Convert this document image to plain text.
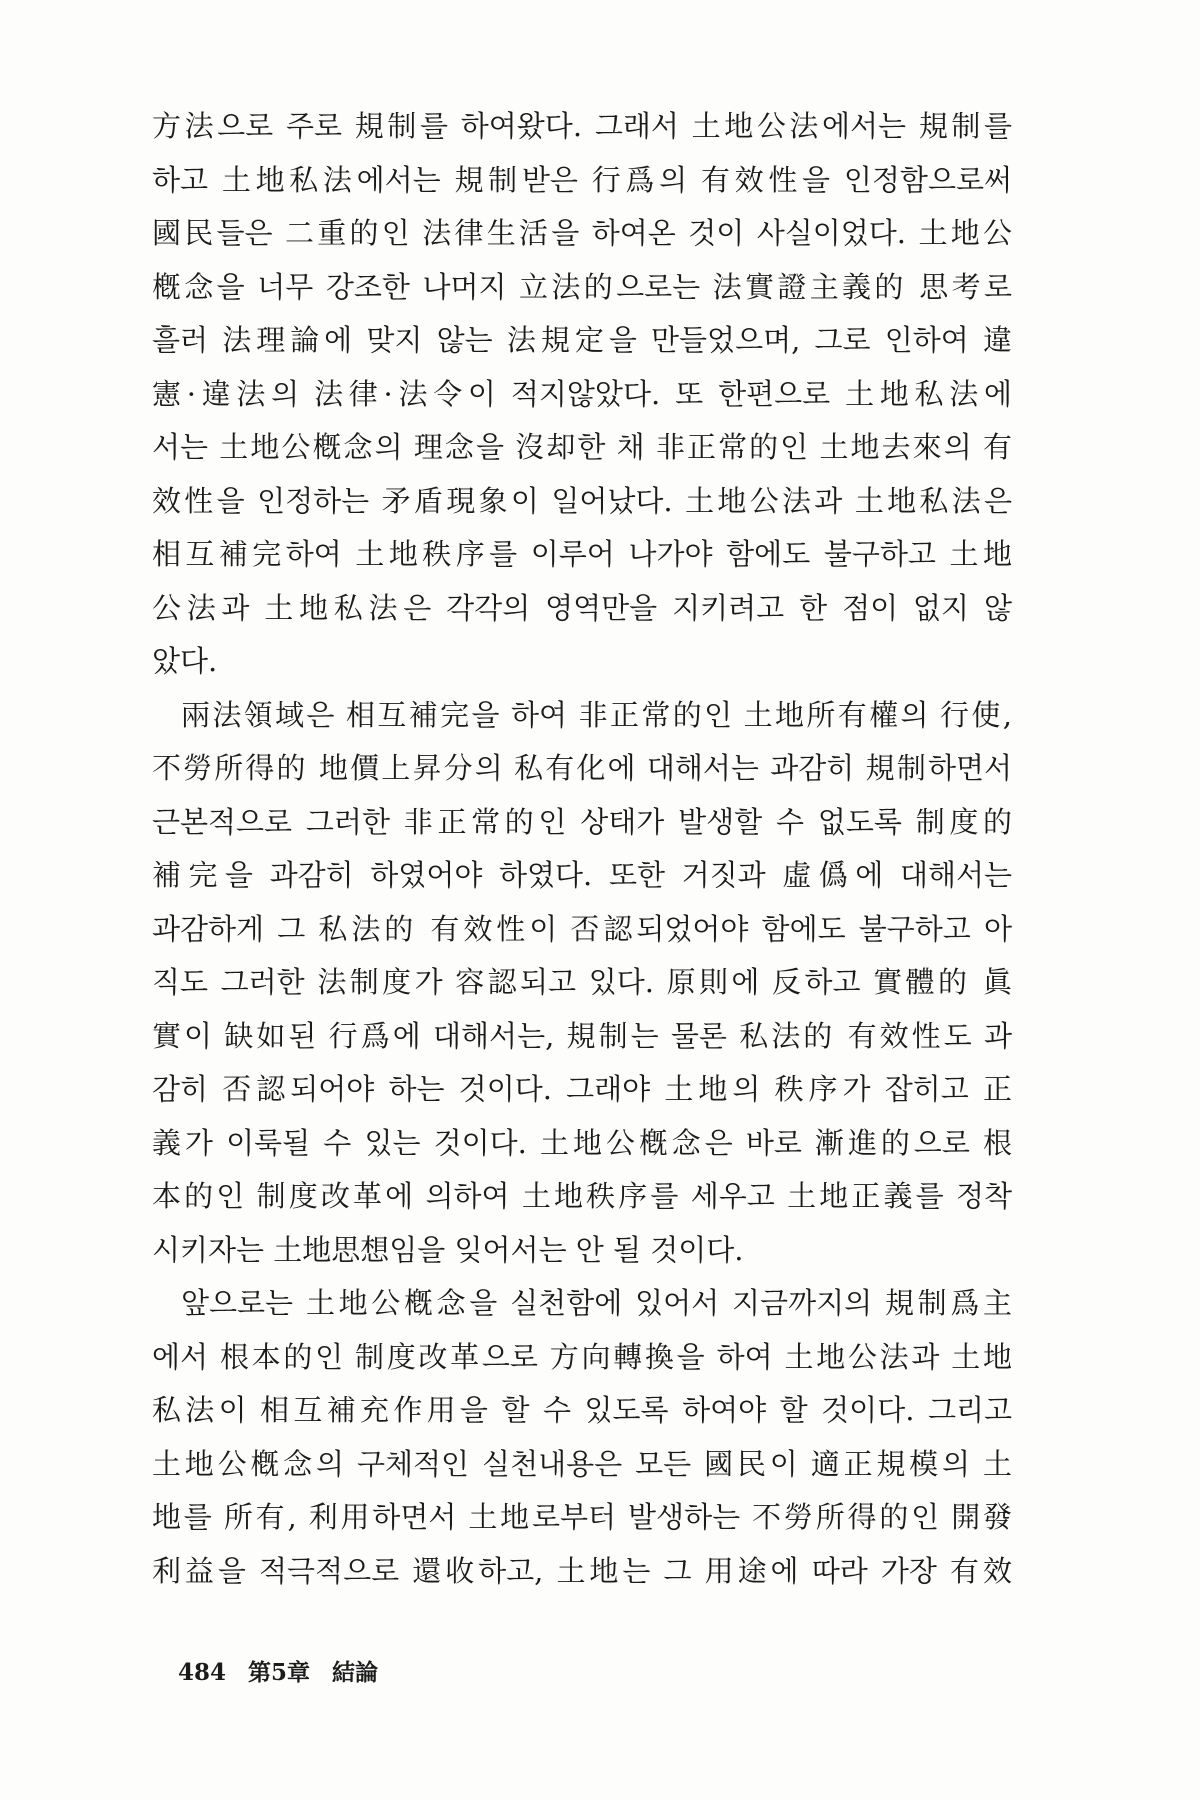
方法으로 주로 規制를 하여왔다. 그래서 土地公法에서는 規制를
하고 土地私法에서는 規制받은 行爲의 有效性을 인정함으로써
國民들은 二重的인 法律生活을 하여온 것이 사실이었다. 土地公
槪念을 너무 강조한 나머지 立法的으로는 法實證主義的 思考로
흘러 法理論에 맞지 않는 法規定을 만들었으며, 그로 인하여 違
憲·違法의 法律·法令이 적지않았다. 또 한편으로 土地私法에
서는 土地公槪念의 理念을 沒却한 채 非正常的인 土地去來의 有
效性을 인정하는 矛盾現象이 일어났다. 土地公法과 土地私法은
相互補完하여 土地秩序를 이루어 나가야 함에도 불구하고 土地
公法과 土地私法은 각각의 영역만을 지키려고 한 점이 없지 않
았다.
兩法領域은 相互補完을 하여 非正常的인 土地所有權의 行使,
不勞所得的 地價上昇分의 私有化에 대해서는 과감히 規制하면서
근본적으로 그러한 非正常的인 상태가 발생할 수 없도록 制度的
補完을 과감히 하였어야 하였다. 또한 거짓과 虛僞에 대해서는
과감하게 그 私法的 有效性이 否認되었어야 함에도 불구하고 아
직도 그러한 法制度가 容認되고 있다. 原則에 反하고 實體的 眞
實이 缺如된 行爲에 대해서는, 規制는 물론 私法的 有效性도 과
감히 否認되어야 하는 것이다. 그래야 土地의 秩序가 잡히고 正
義가 이룩될 수 있는 것이다. 土地公槪念은 바로 漸進的으로 根
本的인 制度改革에 의하여 土地秩序를 세우고 土地正義를 정착
시키자는 土地思想임을 잊어서는 안 될 것이다.
앞으로는 土地公槪念을 실천함에 있어서 지금까지의 規制爲主
에서 根本的인 制度改革으로 方向轉換을 하여 土地公法과 土地
私法이 相互補充作用을 할 수 있도록 하여야 할 것이다. 그리고
土地公槪念의 구체적인 실천내용은 모든 國民이 適正規模의 土
地를 所有, 利用하면서 土地로부터 발생하는 不勞所得的인 開發
利益을 적극적으로 還收하고, 土地는 그 用途에 따라 가장 有效
484 第5章 結論
